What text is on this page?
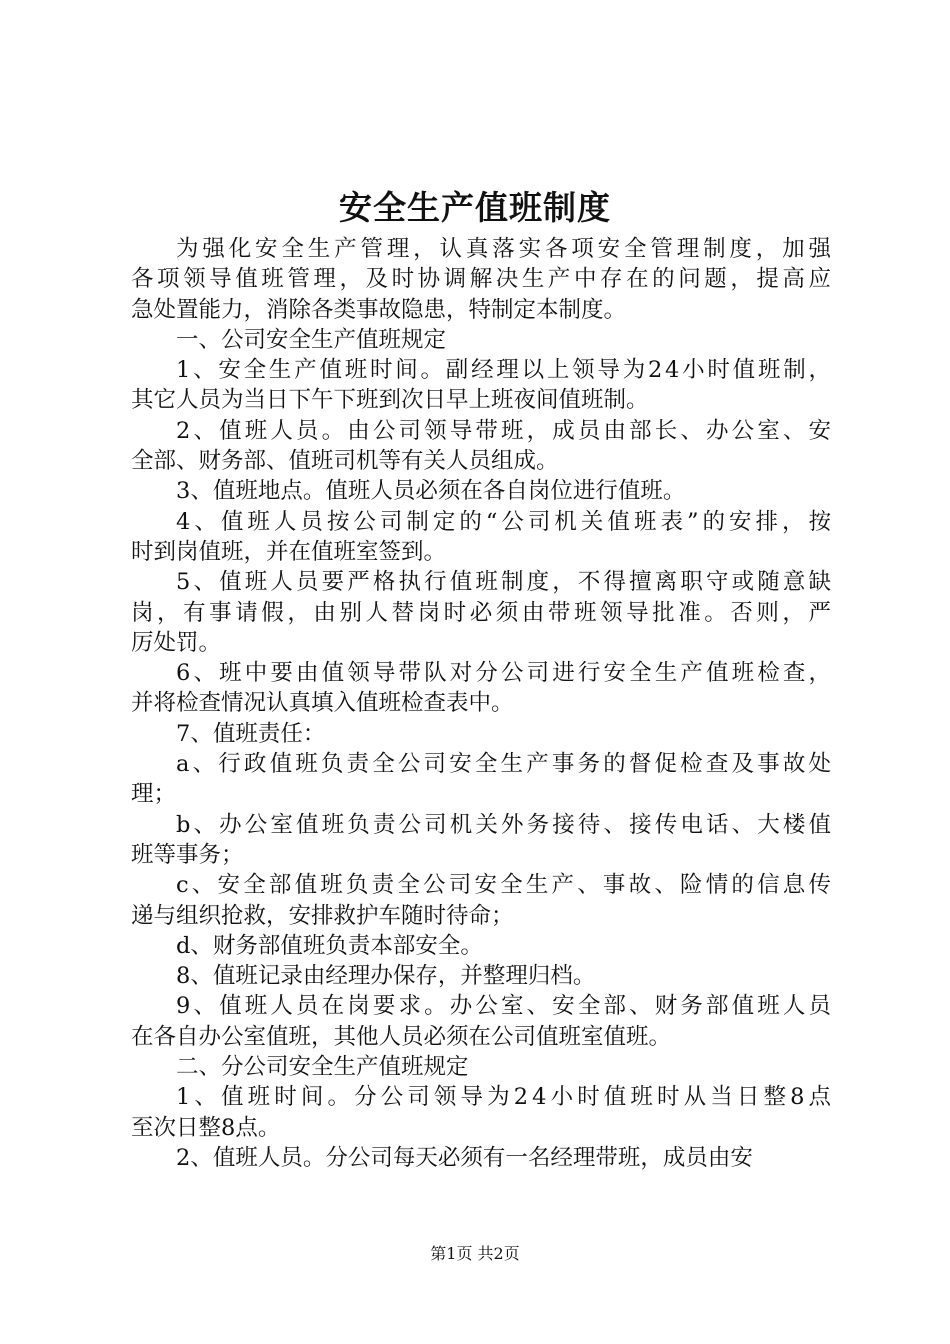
安全生产值班制度
为强化安全生产管理，认真落实各项安全管理制度，加强
各项领导值班管理，及时协调解决生产中存在的问题，提高应
急处置能力，消除各类事故隐患，特制定本制度。
一、公司安全生产值班规定
1、安全生产值班时间。副经理以上领导为24小时值班制，
其它人员为当日下午下班到次日早上班夜间值班制。
2、值班人员。由公司领导带班，成员由部长、办公室、安
全部、财务部、值班司机等有关人员组成。
3、值班地点。值班人员必须在各自岗位进行值班。
4、值班人员按公司制定的“公司机关值班表”的安排，按
时到岗值班，并在值班室签到。
5、值班人员要严格执行值班制度，不得擅离职守或随意缺
岗，有事请假，由别人替岗时必须由带班领导批准。否则，严
厉处罚。
6、班中要由值领导带队对分公司进行安全生产值班检查，
并将检查情况认真填入值班检查表中。
7、值班责任：
a、行政值班负责全公司安全生产事务的督促检查及事故处
理；
b、办公室值班负责公司机关外务接待、接传电话、大楼值
班等事务；
c、安全部值班负责全公司安全生产、事故、险情的信息传
递与组织抢救，安排救护车随时待命；
d、财务部值班负责本部安全。
8、值班记录由经理办保存，并整理归档。
9、值班人员在岗要求。办公室、安全部、财务部值班人员
在各自办公室值班，其他人员必须在公司值班室值班。
二、分公司安全生产值班规定
1、值班时间。分公司领导为24小时值班时从当日整8点
至次日整8点。
2、值班人员。分公司每天必须有一名经理带班，成员由安
第1页 共2页
